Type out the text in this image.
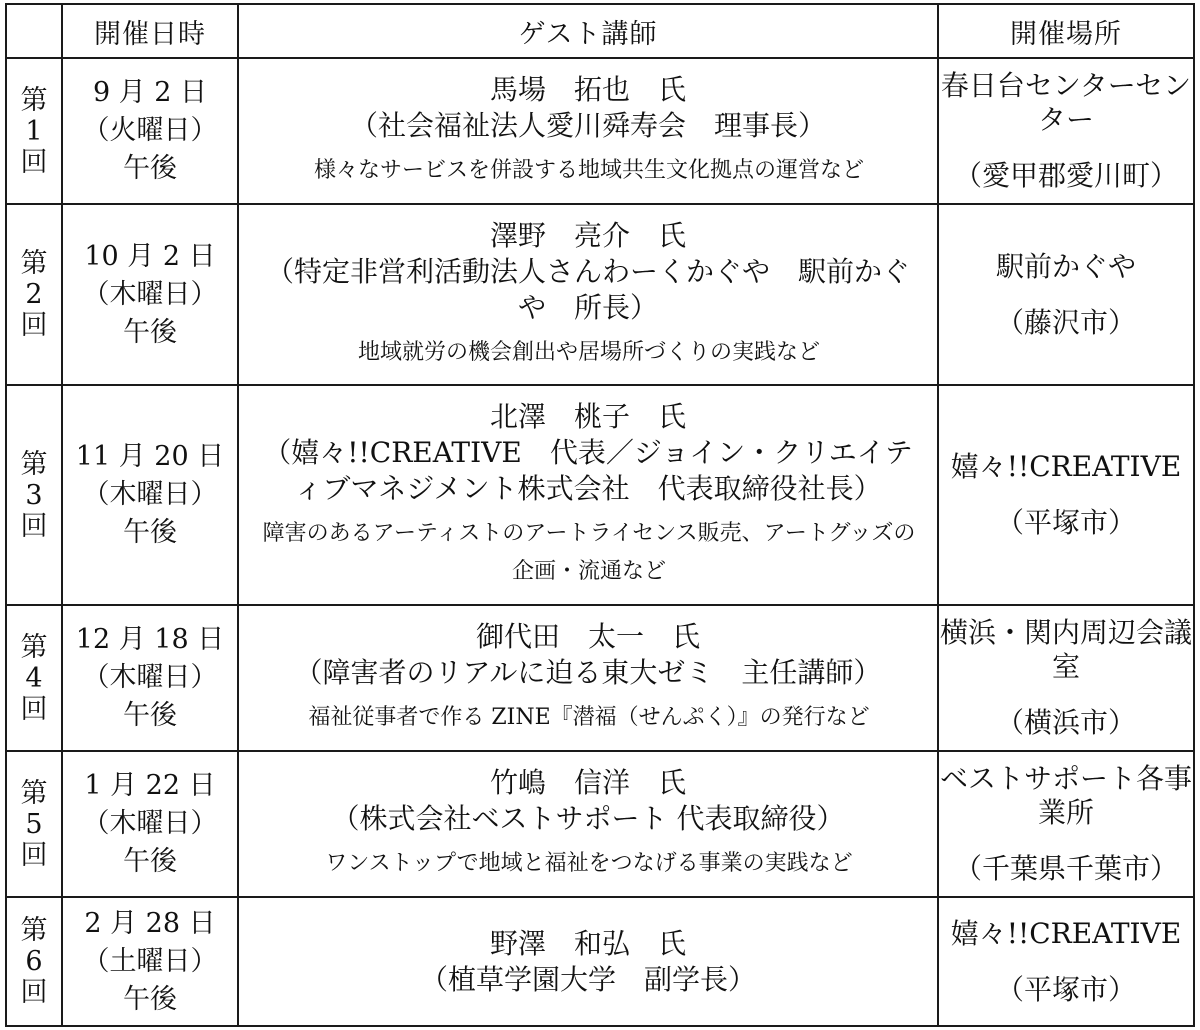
	開催日時	ゲスト講師	開催場所

第
1
回	9 月 2 日
（火曜日）
午後	馬場　拓也　氏
（社会福祉法人愛川舜寿会　理事長）
様々なサービスを併設する地域共生文化拠点の運営など	春日台センターセンター
（愛甲郡愛川町）

第
2
回	10 月 2 日
（木曜日）
午後	澤野　亮介　氏
（特定非営利活動法人さんわーくかぐや　駅前かぐや　所長）
地域就労の機会創出や居場所づくりの実践など	駅前かぐや
（藤沢市）

第
3
回	11 月 20 日
（木曜日）
午後	北澤　桃子　氏
（嬉々!!CREATIVE　代表／ジョイン・クリエイティブマネジメント株式会社　代表取締役社長）
障害のあるアーティストのアートライセンス販売、アートグッズの企画・流通など	嬉々!!CREATIVE
（平塚市）

第
4
回	12 月 18 日
（木曜日）
午後	御代田　太一　氏
（障害者のリアルに迫る東大ゼミ　主任講師）
福祉従事者で作る ZINE『潜福（せんぷく）』の発行など	横浜・関内周辺会議室
（横浜市）

第
5
回	1 月 22 日
（木曜日）
午後	竹嶋　信洋　氏
（株式会社ベストサポート 代表取締役）
ワンストップで地域と福祉をつなげる事業の実践など	ベストサポート各事業所
（千葉県千葉市）

第
6
回	2 月 28 日
（土曜日）
午後	野澤　和弘　氏
（植草学園大学　副学長）	嬉々!!CREATIVE
（平塚市）
